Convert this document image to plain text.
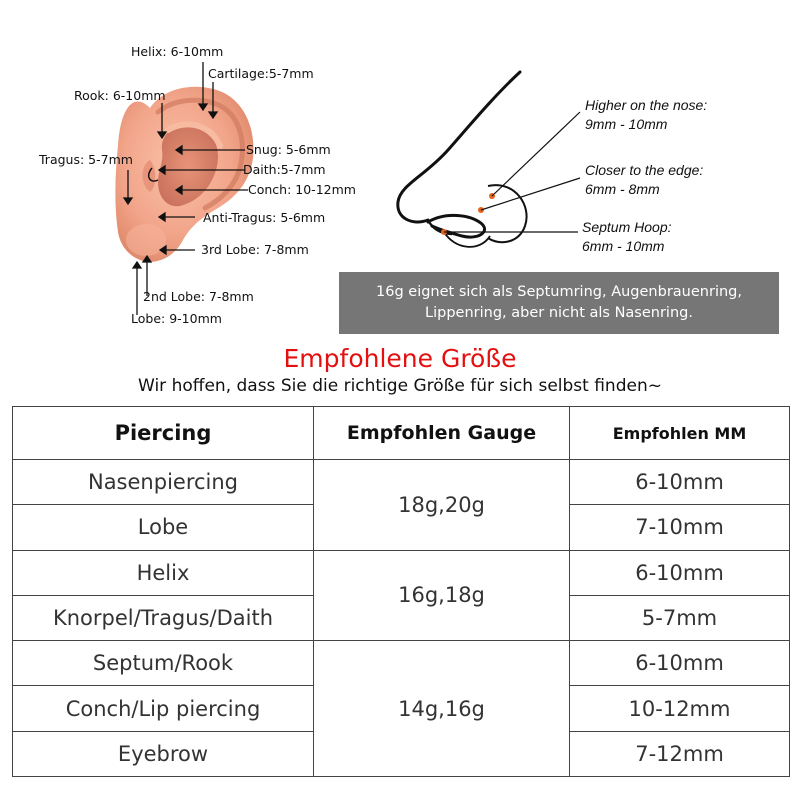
Helix: 6-10mm
Cartilage:5-7mm
Rook: 6-10mm
Tragus: 5-7mm
Snug: 5-6mm
Daith:5-7mm
Conch: 10-12mm
Anti-Tragus: 5-6mm
3rd Lobe: 7-8mm
2nd Lobe: 7-8mm
Lobe: 9-10mm
Higher on the nose:
9mm - 10mm
Closer to the edge:
6mm - 8mm
Septum Hoop:
6mm - 10mm
16g eignet sich als Septumring, Augenbrauenring,
Lippenring, aber nicht als Nasenring.
Empfohlene Größe
Wir hoffen, dass Sie die richtige Größe für sich selbst finden~
Piercing	Empfohlen Gauge	Empfohlen MM
Nasenpiercing	18g,20g	6-10mm
Lobe		7-10mm
Helix	16g,18g	6-10mm
Knorpel/Tragus/Daith		5-7mm
Septum/Rook	14g,16g	6-10mm
Conch/Lip piercing		10-12mm
Eyebrow		7-12mm
